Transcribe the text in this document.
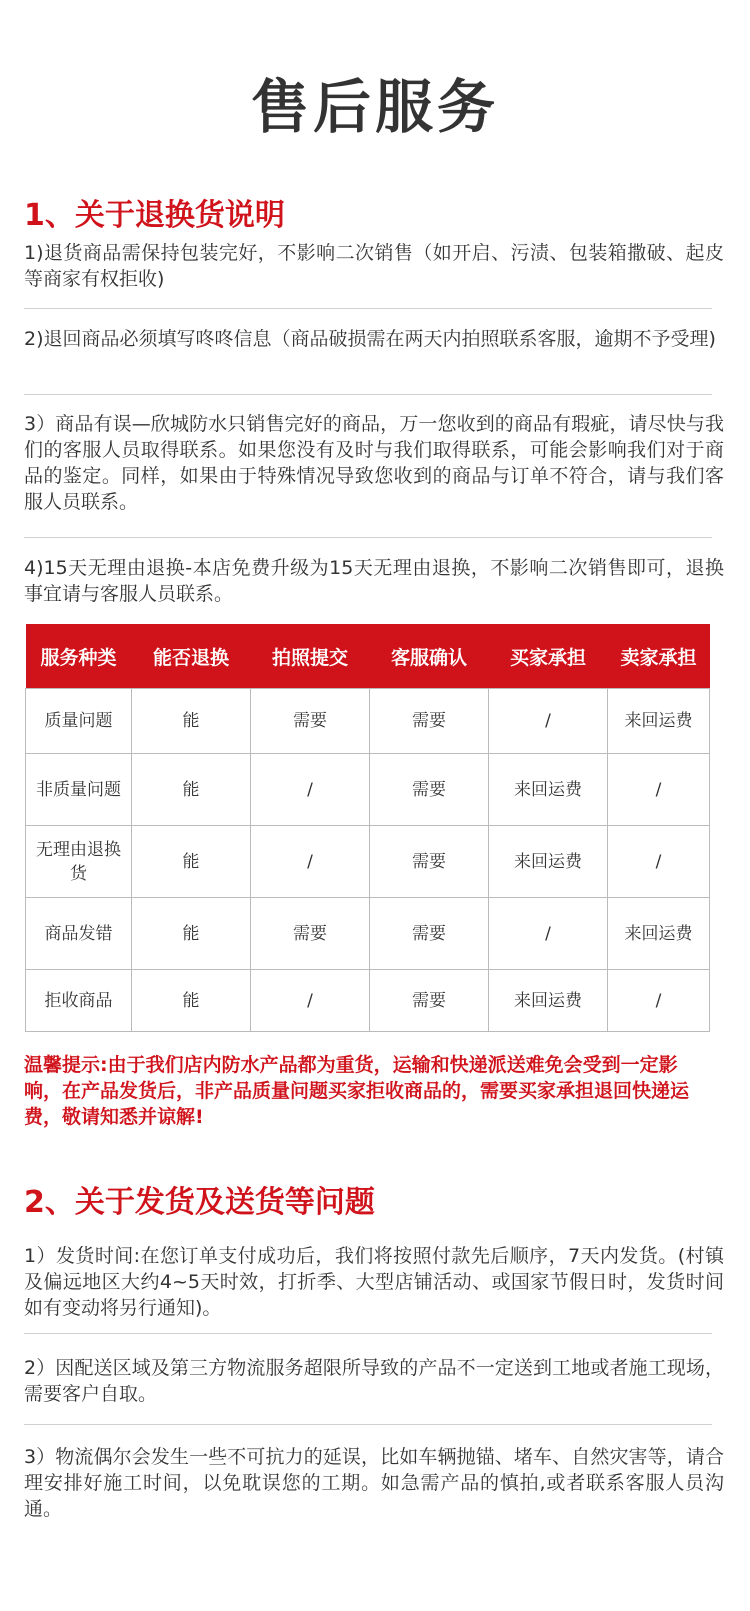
售后服务
1、关于退换货说明
1)退货商品需保持包装完好，不影响二次销售（如开启、污渍、包装箱撒破、起皮等商家有权拒收)
2)退回商品必须填写咚咚信息（商品破损需在两天内拍照联系客服，逾期不予受理)
3）商品有误—欣城防水只销售完好的商品，万一您收到的商品有瑕疵，请尽快与我们的客服人员取得联系。如果您没有及时与我们取得联系，可能会影响我们对于商品的鉴定。同样，如果由于特殊情况导致您收到的商品与订单不符合，请与我们客服人员联系。
4)15天无理由退换-本店免费升级为15天无理由退换，不影响二次销售即可，退换事宜请与客服人员联系。
服务种类	能否退换	拍照提交	客服确认	买家承担	卖家承担
质量问题	能	需要	需要	/	来回运费
非质量问题	能	/	需要	来回运费	/
无理由退换货	能	/	需要	来回运费	/
商品发错	能	需要	需要	/	来回运费
拒收商品	能	/	需要	来回运费	/
温馨提示:由于我们店内防水产品都为重货，运输和快递派送难免会受到一定影响，在产品发货后，非产品质量问题买家拒收商品的，需要买家承担退回快递运费，敬请知悉并谅解!
2、关于发货及送货等问题
1）发货时间:在您订单支付成功后，我们将按照付款先后顺序，7天内发货。(村镇及偏远地区大约4~5天时效，打折季、大型店铺活动、或国家节假日时，发货时间如有变动将另行通知)。
2）因配送区域及第三方物流服务超限所导致的产品不一定送到工地或者施工现场，需要客户自取。
3）物流偶尔会发生一些不可抗力的延误，比如车辆抛锚、堵车、自然灾害等，请合理安排好施工时间，以免耽误您的工期。如急需产品的慎拍,或者联系客服人员沟通。
